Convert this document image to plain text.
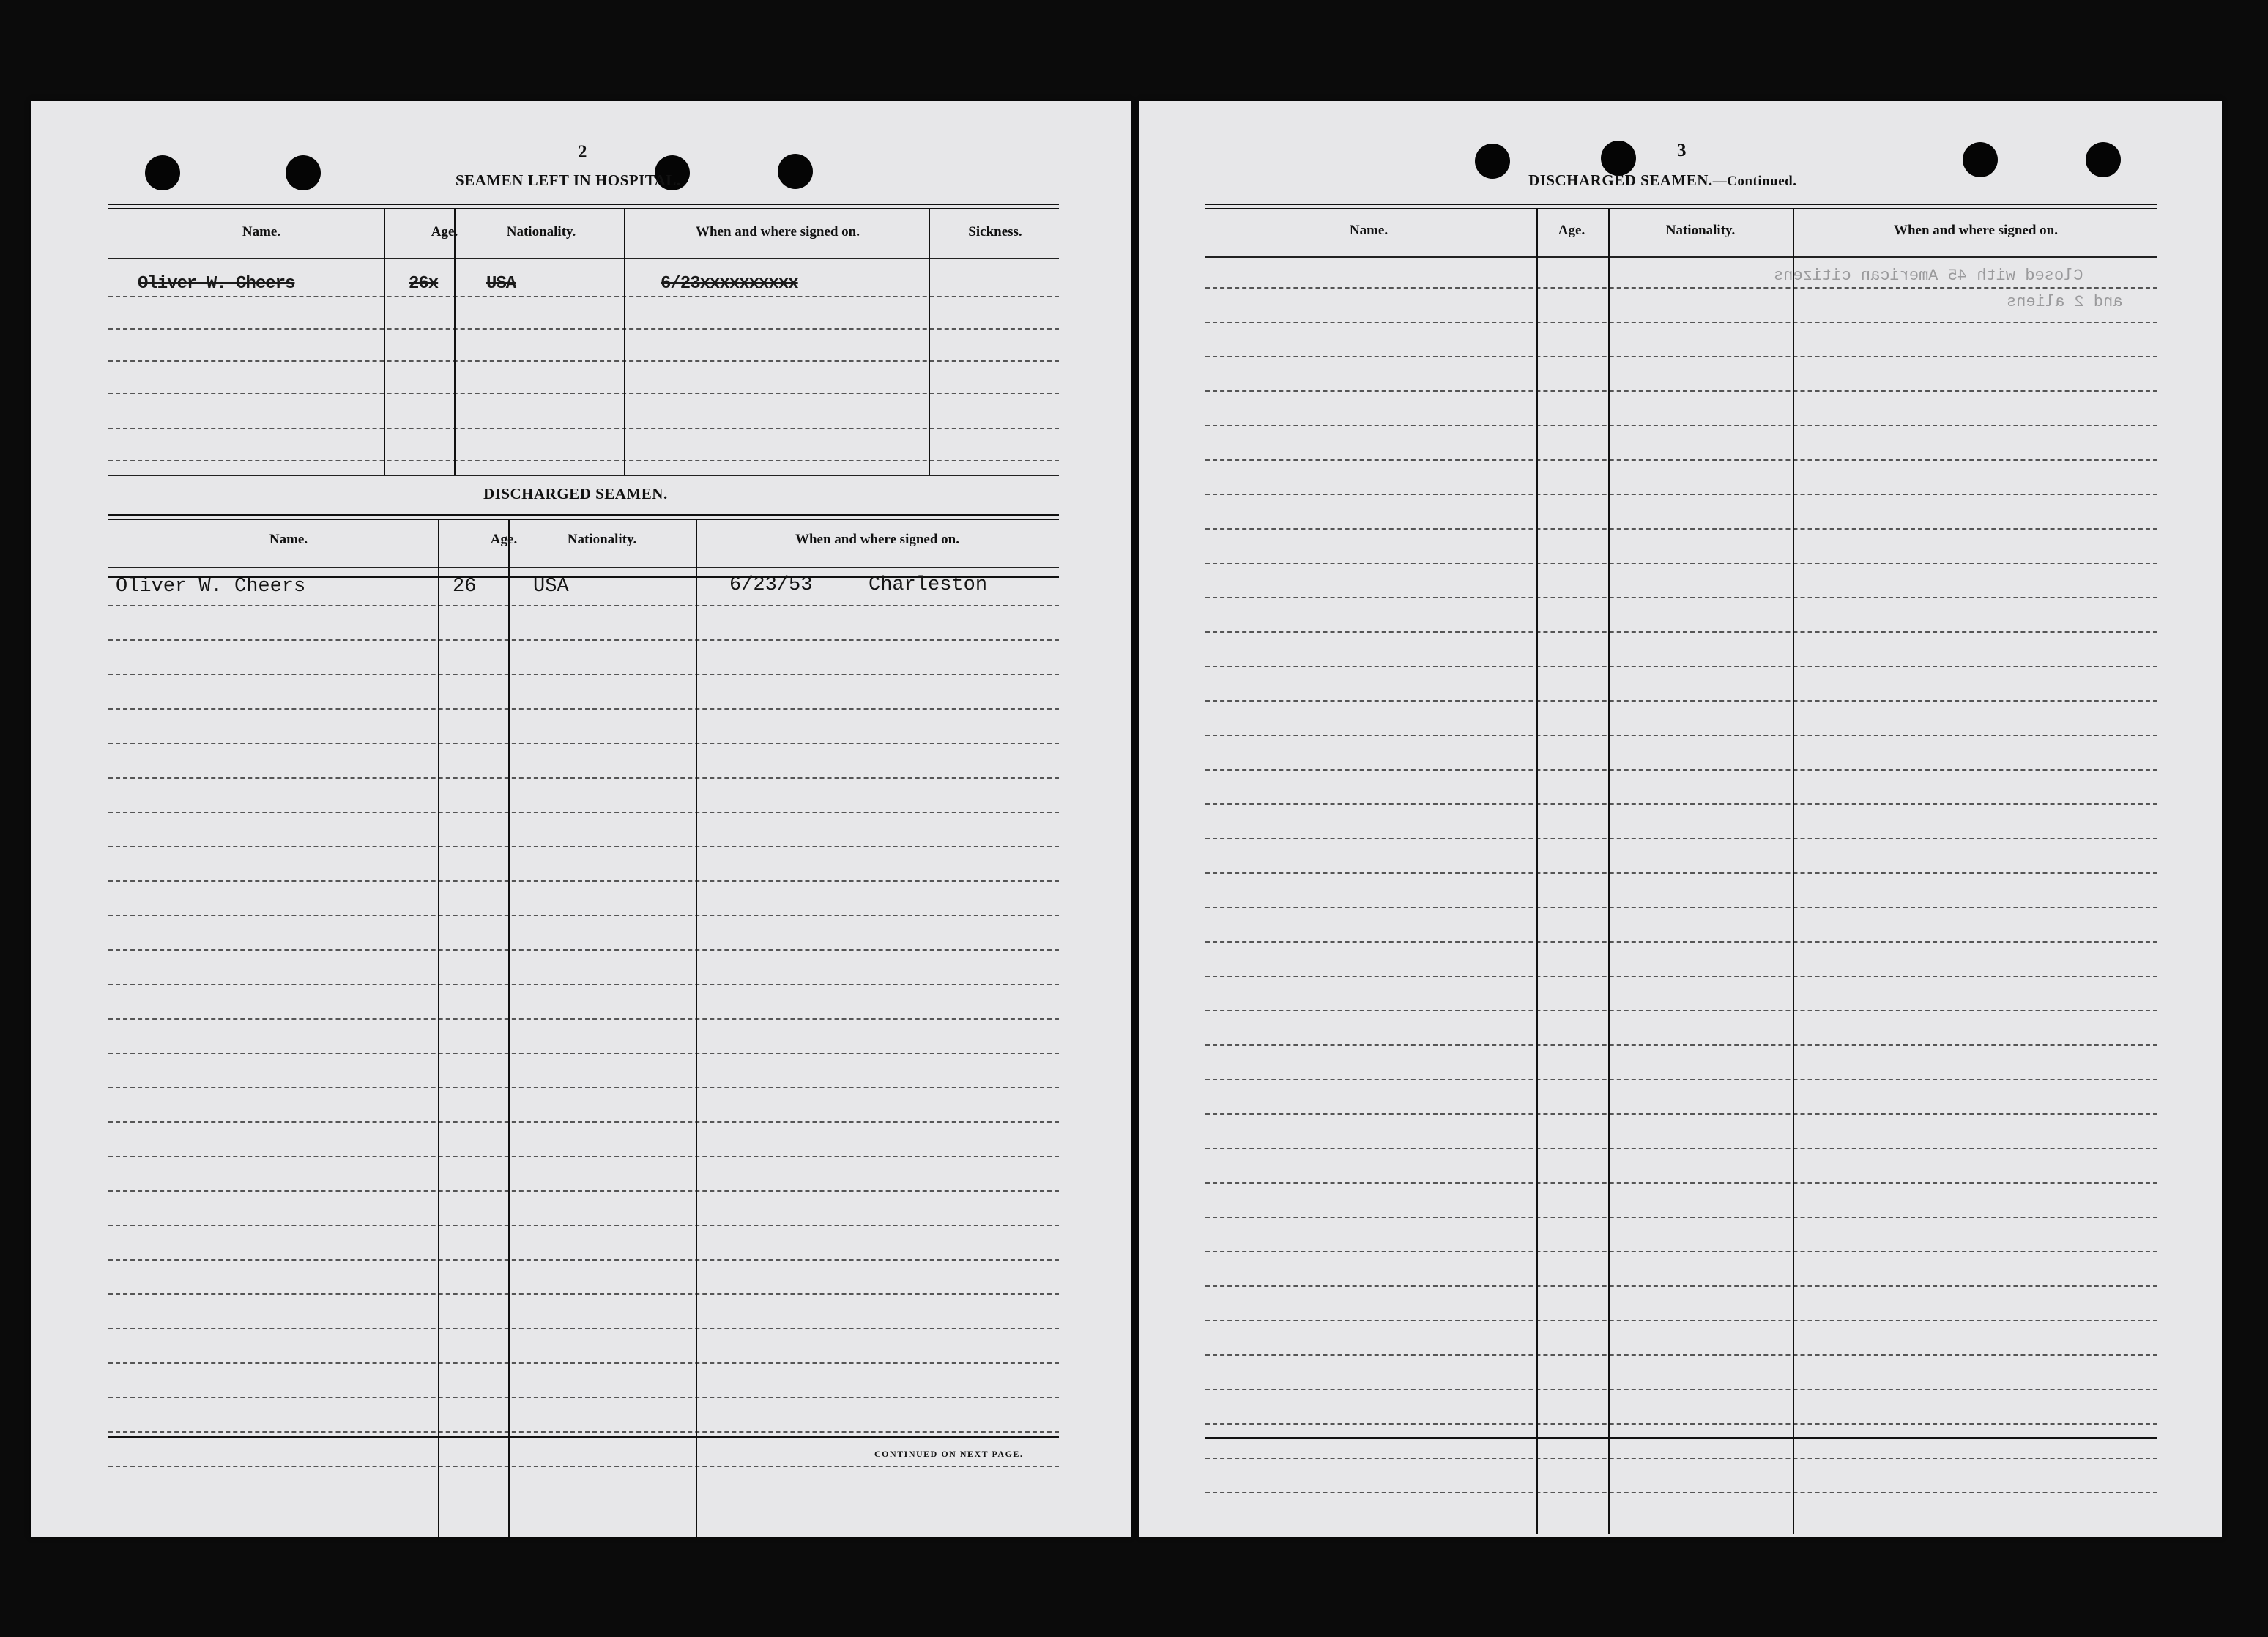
2
SEAMEN LEFT IN HOSPITAL.
Name.	Age.	Nationality.	When and where signed on.	Sickness.
Oliver W. Cheers	26x	USA	6/23xxxxxxxxxx
DISCHARGED SEAMEN.
Name.	Age.	Nationality.	When and where signed on.
Oliver W. Cheers	26	USA	6/23/53	Charleston
CONTINUED ON NEXT PAGE.
3
DISCHARGED SEAMEN.—Continued.
Closed with 45 American citizens
and 2 aliens
Name.	Age.	Nationality.	When and where signed on.
